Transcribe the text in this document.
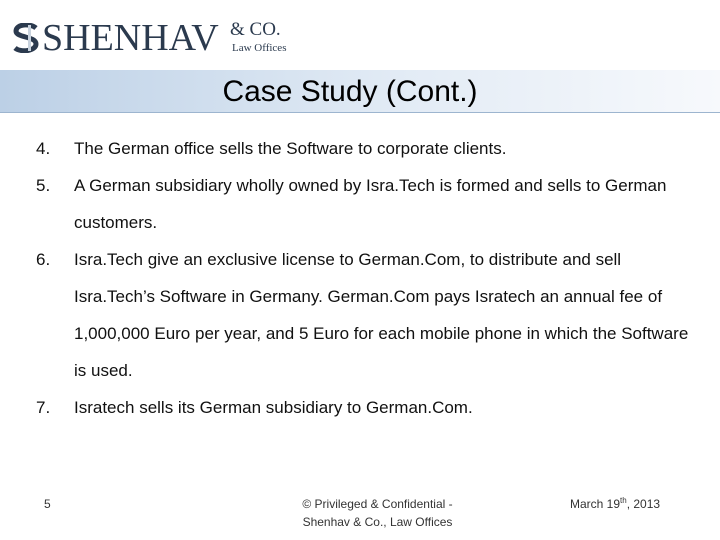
SHENHAV & CO.
Law Offices
Case Study (Cont.)
4.	The German office sells the Software to corporate clients.
5.	A German subsidiary wholly owned by Isra.Tech is formed and sells to German customers.
6.	Isra.Tech give an exclusive license to German.Com, to distribute and sell Isra.Tech’s Software in Germany. German.Com pays Isratech an annual fee of 1,000,000 Euro per year, and 5 Euro for each mobile phone in which the Software is used.
7.	Isratech sells its German subsidiary to German.Com.
5	© Privileged & Confidential -
Shenhav & Co., Law Offices
March 19th, 2013
